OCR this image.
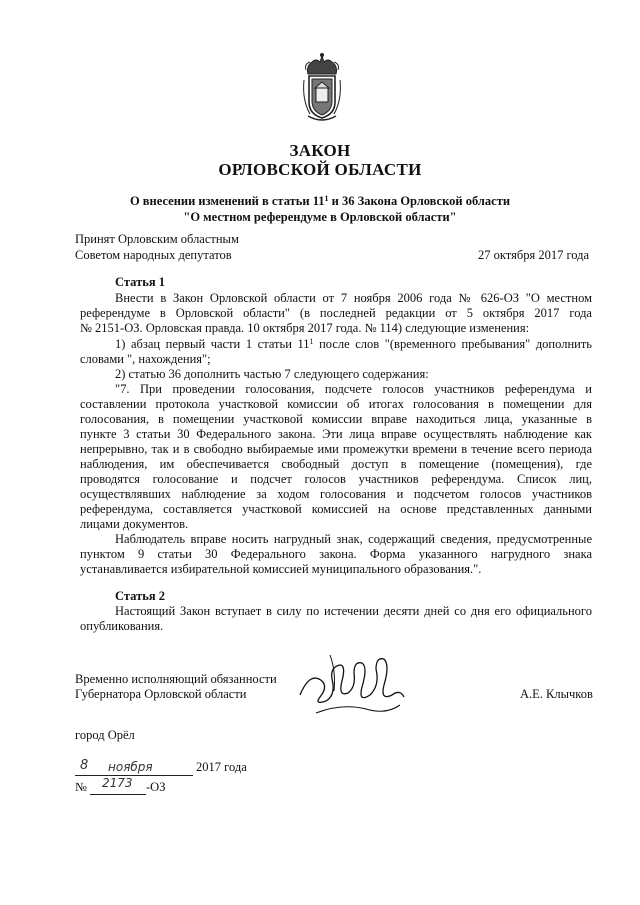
ЗАКОН
ОРЛОВСКОЙ ОБЛАСТИ
О внесении изменений в статьи $11^1$ и 36 Закона Орловской области
"О местном референдуме в Орловской области"
Принят Орловским областным
Советом народных депутатов	27 октября 2017 года
Статья 1
Внести в Закон Орловской области от 7 ноября 2006 года № 626-ОЗ "О местном
референдуме в Орловской области" (в последней редакции от 5 октября 2017 года
№ 2151-ОЗ. Орловская правда. 10 октября 2017 года. № 114) следующие изменения:
1) абзац первый части 1 статьи $11^1$ после слов "(временного пребывания" дополнить
словами ", нахождения";
2) статью 36 дополнить частью 7 следующего содержания:
"7. При проведении голосования, подсчете голосов участников референдума и
составлении протокола участковой комиссии об итогах голосования в помещении для
голосования, в помещении участковой комиссии вправе находиться лица, указанные в
пункте 3 статьи 30 Федерального закона. Эти лица вправе осуществлять наблюдение как
непрерывно, так и в свободно выбираемые ими промежутки времени в течение всего периода
наблюдения, им обеспечивается свободный доступ в помещение (помещения), где
проводятся голосование и подсчет голосов участников референдума. Список лиц,
осуществлявших наблюдение за ходом голосования и подсчетом голосов участников
референдума, составляется участковой комиссией на основе представленных данными
лицами документов.
Наблюдатель вправе носить нагрудный знак, содержащий сведения, предусмотренные
пунктом 9 статьи 30 Федерального закона. Форма указанного нагрудного знака
устанавливается избирательной комиссией муниципального образования.".
Статья 2
Настоящий Закон вступает в силу по истечении десяти дней со дня его официального
опубликования.
Временно исполняющий обязанности
Губернатора Орловской области	А.Е. Клычков
город Орёл
8 ноября	2017 года
№ 2173 -ОЗ
